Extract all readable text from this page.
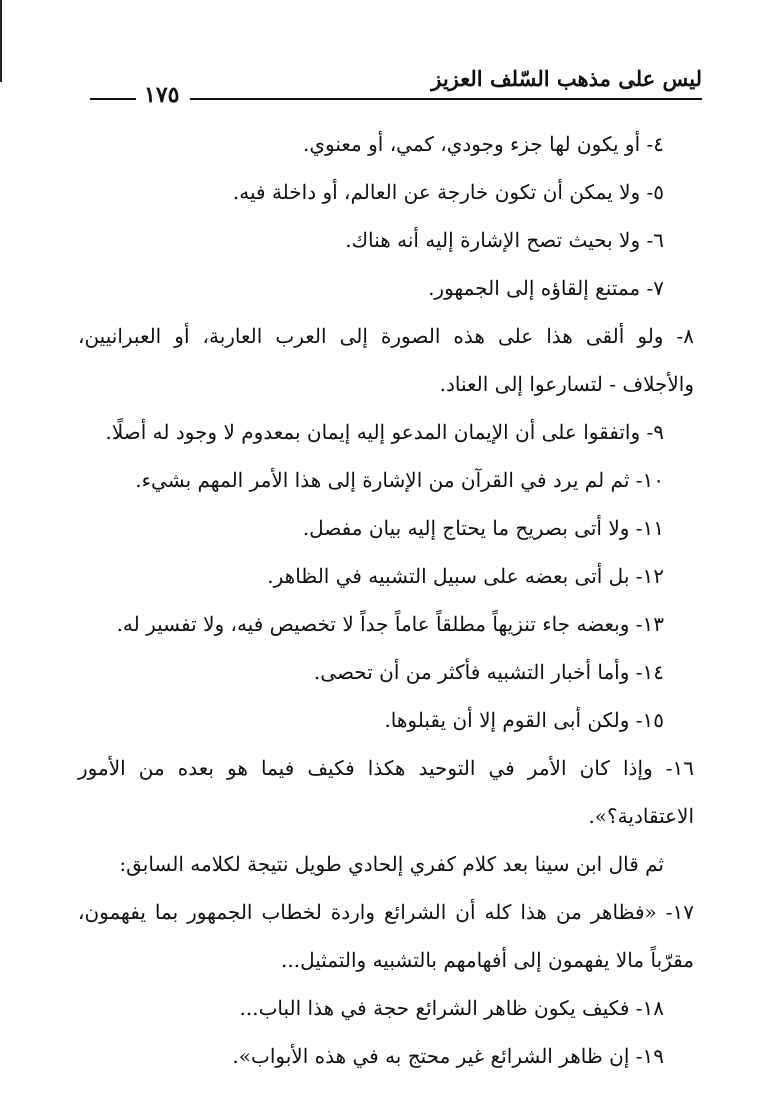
ليس على مذهب السّلف العزيز
١٧٥

٤- أو يكون لها جزء وجودي، كمي، أو معنوي.

٥- ولا يمكن أن تكون خارجة عن العالم، أو داخلة فيه.

٦- ولا بحيث تصح الإشارة إليه أنه هناك.

٧- ممتنع إلقاؤه إلى الجمهور.

٨- ولو ألقى هذا على هذه الصورة إلى العرب العاربة، أو العبرانيين، والأجلاف - لتسارعوا إلى العناد.

٩- واتفقوا على أن الإيمان المدعو إليه إيمان بمعدوم لا وجود له أصلًا.

١٠- ثم لم يرد في القرآن من الإشارة إلى هذا الأمر المهم بشيء.

١١- ولا أتى بصريح ما يحتاج إليه بيان مفصل.

١٢- بل أتى بعضه على سبيل التشبيه في الظاهر.

١٣- وبعضه جاء تنزيهاً مطلقاً عاماً جداً لا تخصيص فيه، ولا تفسير له.

١٤- وأما أخبار التشبيه فأكثر من أن تحصى.

١٥- ولكن أبى القوم إلا أن يقبلوها.

١٦- وإذا كان الأمر في التوحيد هكذا فكيف فيما هو بعده من الأمور الاعتقادية؟».

ثم قال ابن سينا بعد كلام كفري إلحادي طويل نتيجة لكلامه السابق:

١٧- «فظاهر من هذا كله أن الشرائع واردة لخطاب الجمهور بما يفهمون، مقرّباً مالا يفهمون إلى أفهامهم بالتشبيه والتمثيل...

١٨- فكيف يكون ظاهر الشرائع حجة في هذا الباب...

١٩- إن ظاهر الشرائع غير محتج به في هذه الأبواب».
